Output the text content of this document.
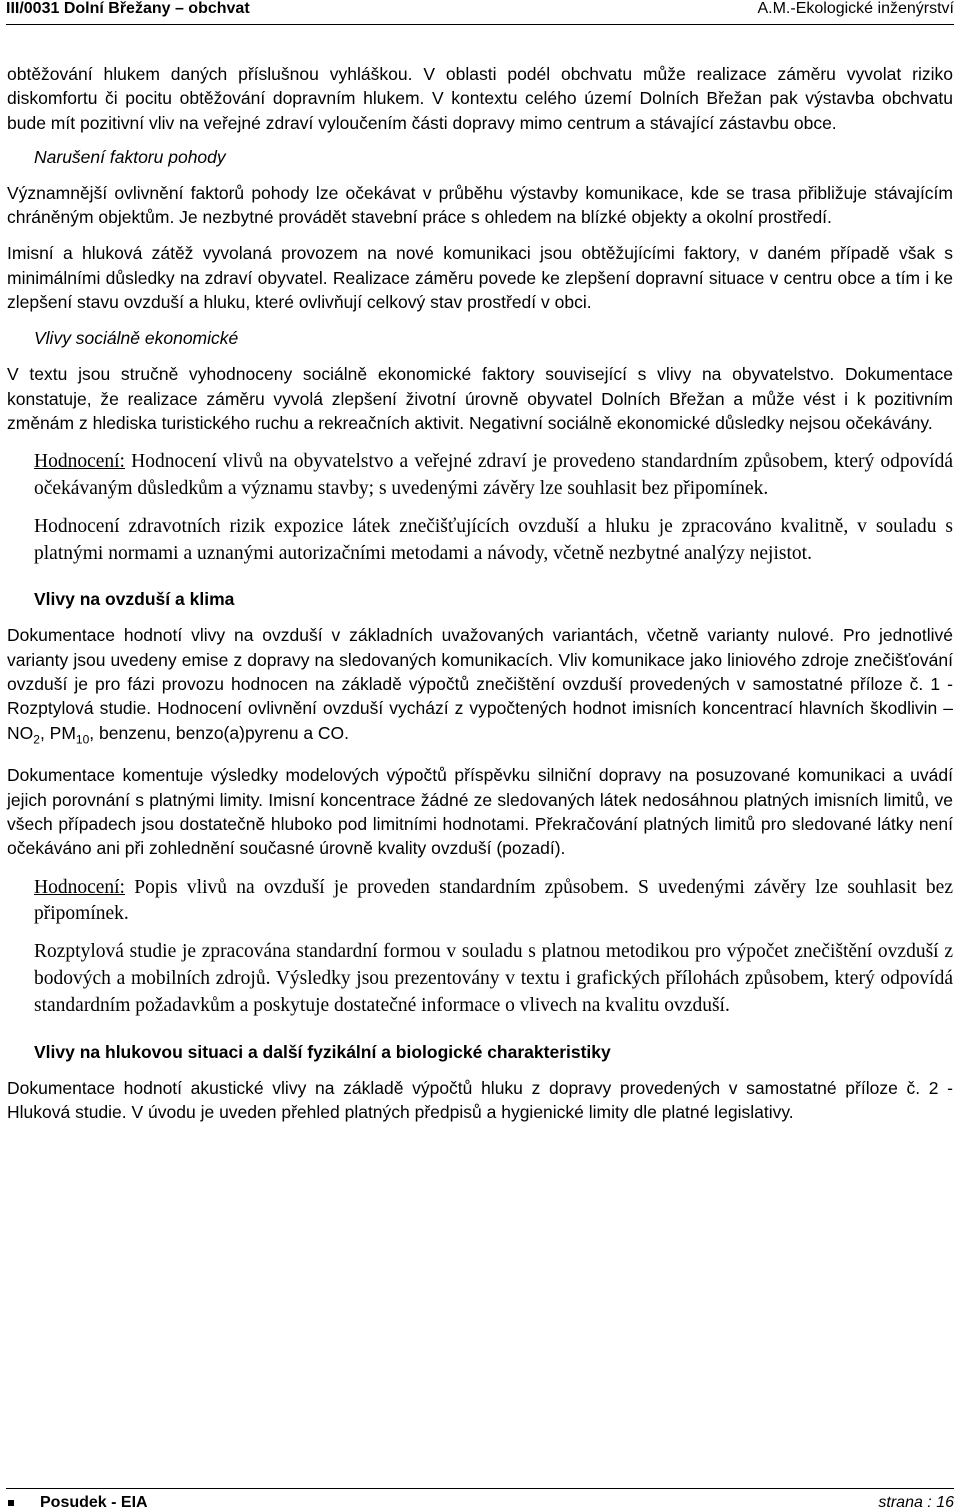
III/0031 Dolní Břežany – obchvat	A.M.-Ekologické inženýrství

obtěžování hlukem daných příslušnou vyhláškou. V oblasti podél obchvatu může realizace záměru vyvolat riziko diskomfortu či pocitu obtěžování dopravním hlukem. V kontextu celého území Dolních Břežan pak výstavba obchvatu bude mít pozitivní vliv na veřejné zdraví vyloučením části dopravy mimo centrum a stávající zástavbu obce.

Narušení faktoru pohody

Významnější ovlivnění faktorů pohody lze očekávat v průběhu výstavby komunikace, kde se trasa přibližuje stávajícím chráněným objektům. Je nezbytné provádět stavební práce s ohledem na blízké objekty a okolní prostředí.

Imisní a hluková zátěž vyvolaná provozem na nové komunikaci jsou obtěžujícími faktory, v daném případě však s minimálními důsledky na zdraví obyvatel. Realizace záměru povede ke zlepšení dopravní situace v centru obce a tím i ke zlepšení stavu ovzduší a hluku, které ovlivňují celkový stav prostředí v obci.

Vlivy sociálně ekonomické

V textu jsou stručně vyhodnoceny sociálně ekonomické faktory související s vlivy na obyvatelstvo. Dokumentace konstatuje, že realizace záměru vyvolá zlepšení životní úrovně obyvatel Dolních Břežan a může vést i k pozitivním změnám z hlediska turistického ruchu a rekreačních aktivit. Negativní sociálně ekonomické důsledky nejsou očekávány.

Hodnocení: Hodnocení vlivů na obyvatelstvo a veřejné zdraví je provedeno standardním způsobem, který odpovídá očekávaným důsledkům a významu stavby; s uvedenými závěry lze souhlasit bez připomínek.

Hodnocení zdravotních rizik expozice látek znečišťujících ovzduší a hluku je zpracováno kvalitně, v souladu s platnými normami a uznanými autorizačními metodami a návody, včetně nezbytné analýzy nejistot.

Vlivy na ovzduší a klima

Dokumentace hodnotí vlivy na ovzduší v základních uvažovaných variantách, včetně varianty nulové. Pro jednotlivé varianty jsou uvedeny emise z dopravy na sledovaných komunikacích. Vliv komunikace jako liniového zdroje znečišťování ovzduší je pro fázi provozu hodnocen na základě výpočtů znečištění ovzduší provedených v samostatné příloze č. 1 - Rozptylová studie. Hodnocení ovlivnění ovzduší vychází z vypočtených hodnot imisních koncentrací hlavních škodlivin – $NO_2$, $PM_{10}$, benzenu, benzo(a)pyrenu a CO.

Dokumentace komentuje výsledky modelových výpočtů příspěvku silniční dopravy na posuzované komunikaci a uvádí jejich porovnání s platnými limity. Imisní koncentrace žádné ze sledovaných látek nedosáhnou platných imisních limitů, ve všech případech jsou dostatečně hluboko pod limitními hodnotami. Překračování platných limitů pro sledované látky není očekáváno ani při zohlednění současné úrovně kvality ovzduší (pozadí).

Hodnocení: Popis vlivů na ovzduší je proveden standardním způsobem. S uvedenými závěry lze souhlasit bez připomínek.

Rozptylová studie je zpracována standardní formou v souladu s platnou metodikou pro výpočet znečištění ovzduší z bodových a mobilních zdrojů. Výsledky jsou prezentovány v textu i grafických přílohách způsobem, který odpovídá standardním požadavkům a poskytuje dostatečné informace o vlivech na kvalitu ovzduší.

Vlivy na hlukovou situaci a další fyzikální a biologické charakteristiky

Dokumentace hodnotí akustické vlivy na základě výpočtů hluku z dopravy provedených v samostatné příloze č. 2 - Hluková studie. V úvodu je uveden přehled platných předpisů a hygienické limity dle platné legislativy.

Posudek - EIA	strana : 16
